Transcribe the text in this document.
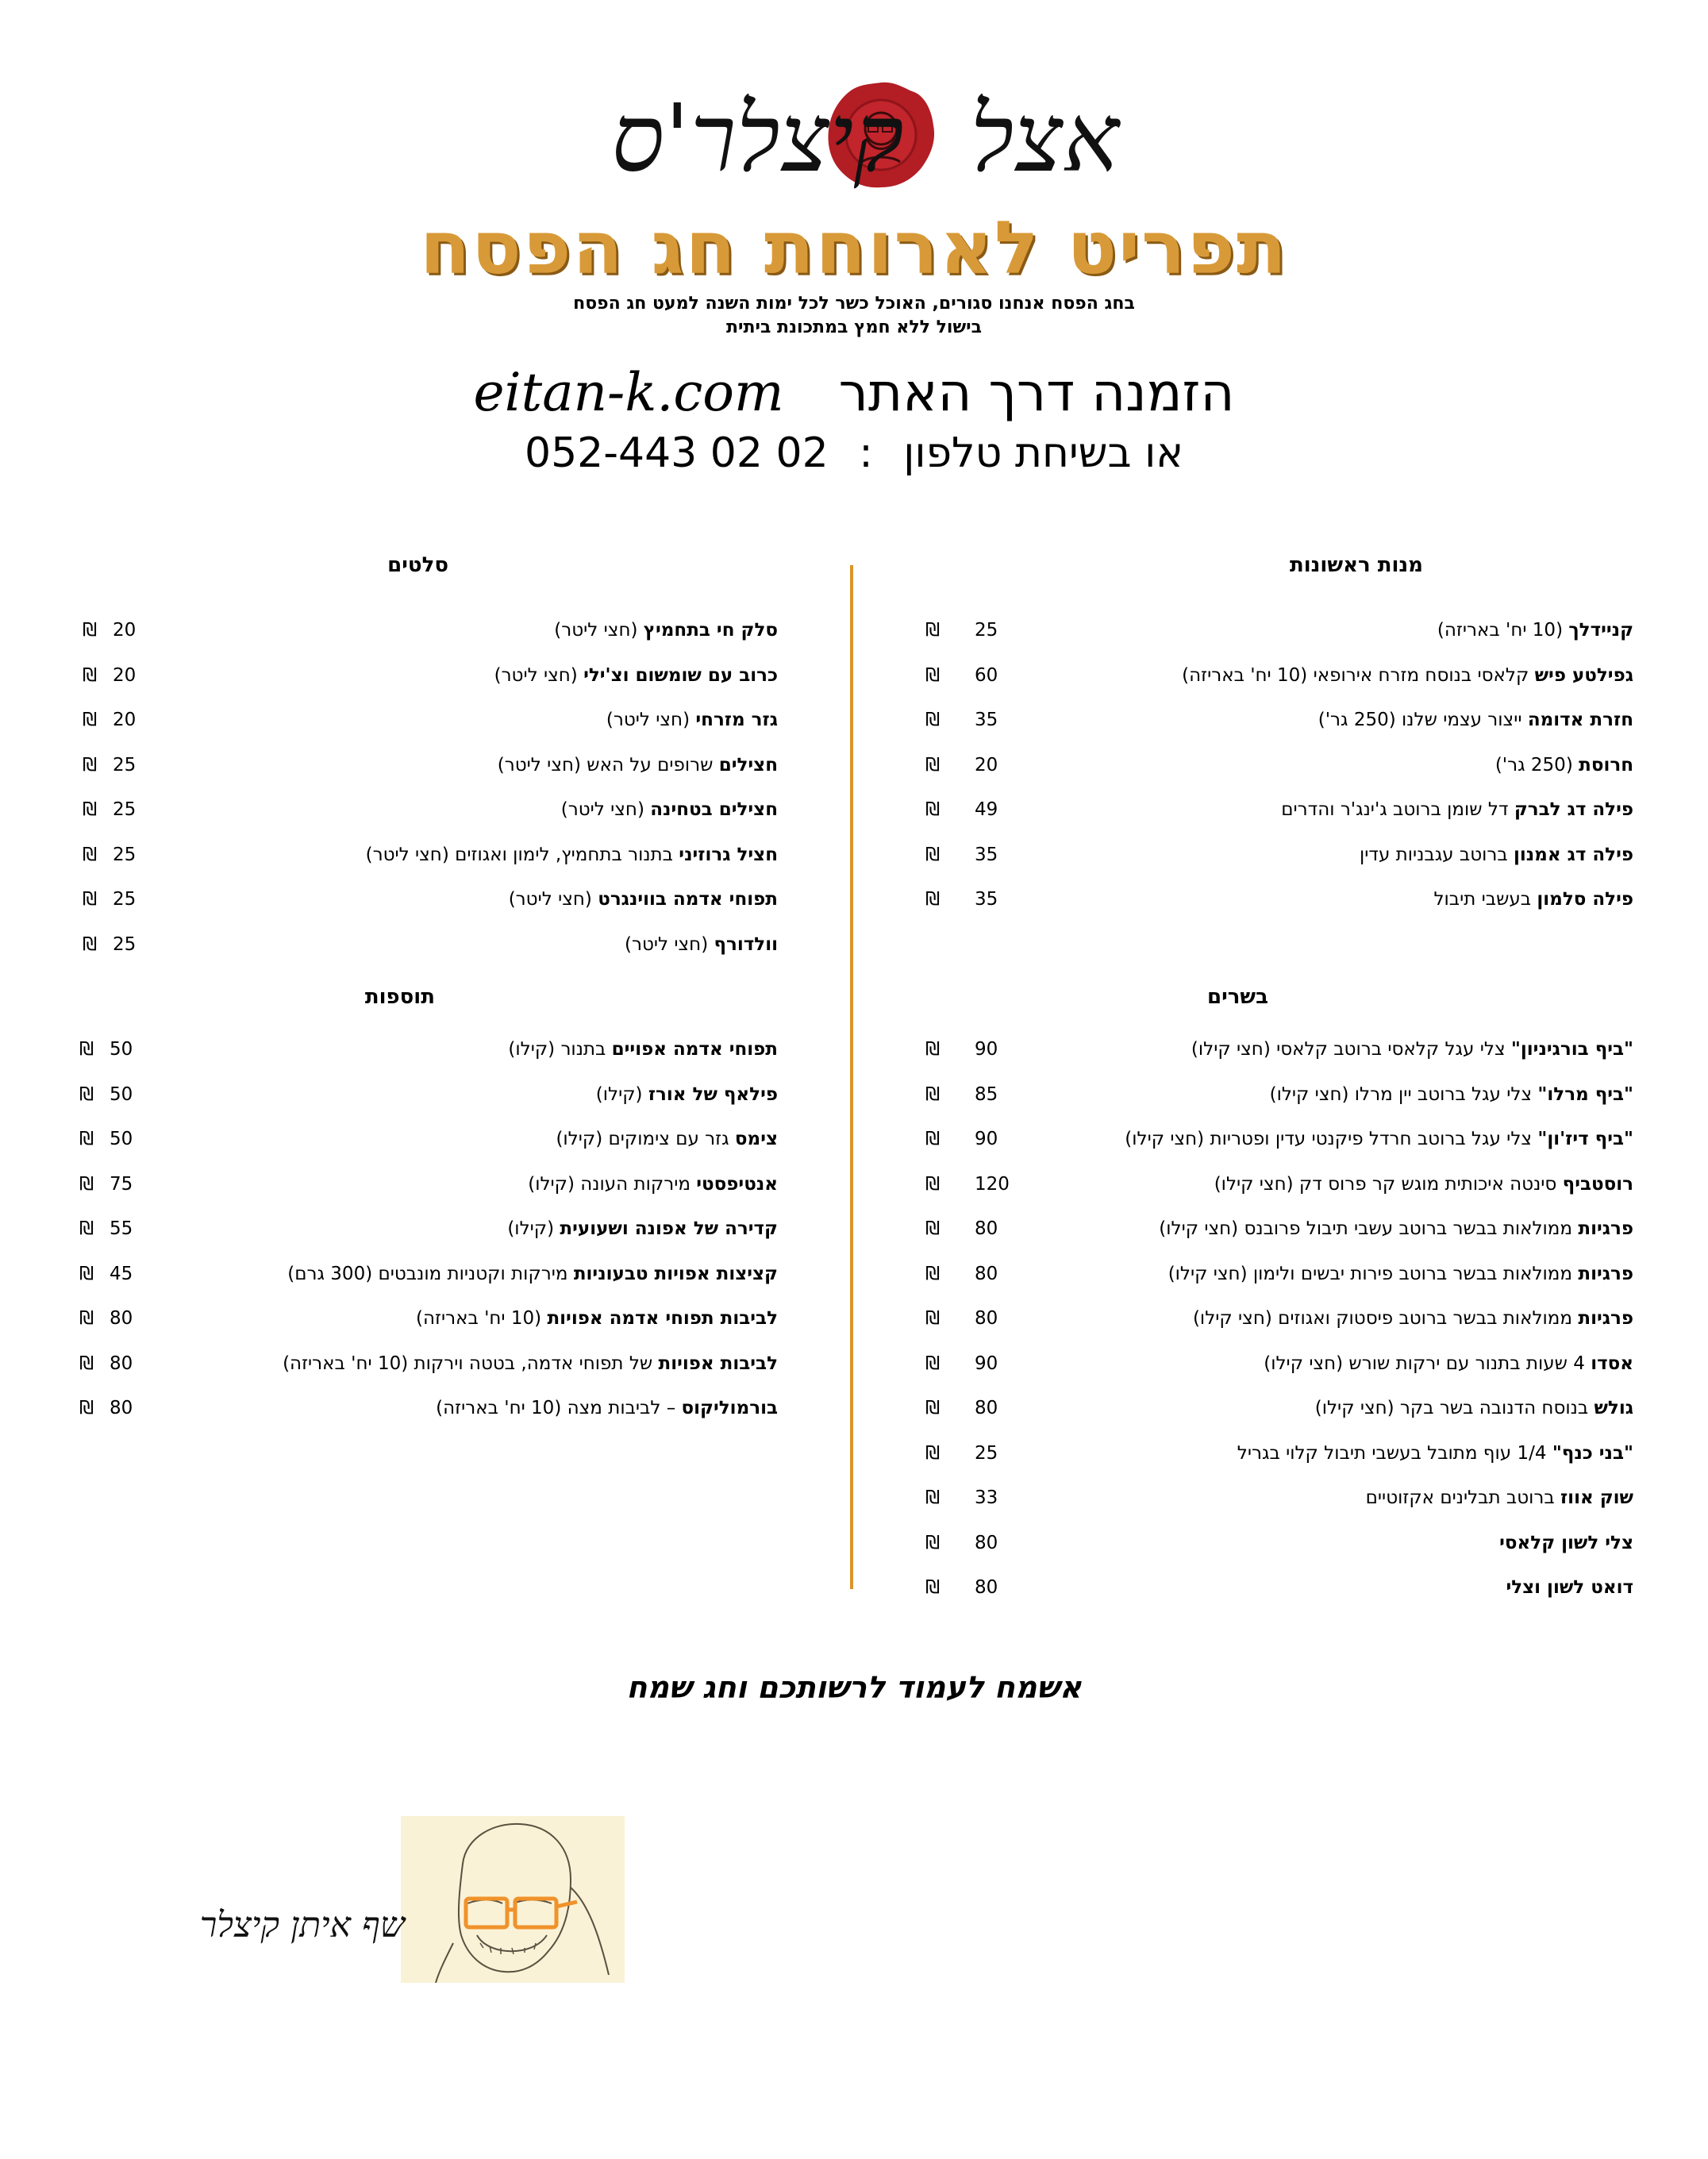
אצל
קיצלר'ס
תפריט לארוחת חג הפסח
בחג הפסח אנחנו סגורים, האוכל כשר לכל ימות השנה למעט חג הפסח
בישול ללא חמץ במתכונת ביתית
eitan-k.com הזמנה דרך האתר
052-443 02 02 : או בשיחת טלפון
מנות ראשונות
₪ 25	קניידלך (10 יח' באריזה)
₪ 60	גפילטע פיש קלאסי בנוסח מזרח אירופאי (10 יח' באריזה)
₪ 35	חזרת אדומה ייצור עצמי שלנו (250 גר')
₪ 20	חרוסת (250 גר')
₪ 49	פילה דג לברק דל שומן ברוטב ג'ינג'ר והדרים
₪ 35	פילה דג אמנון ברוטב עגבניות עדין
₪ 35	פילה סלמון בעשבי תיבול
בשרים
₪ 90	"ביף בורגיניון" צלי עגל קלאסי ברוטב קלאסי (חצי קילו)
₪ 85	"ביף מרלו" צלי עגל ברוטב יין מרלו (חצי קילו)
₪ 90	"ביף דיז'ון" צלי עגל ברוטב חרדל פיקנטי עדין ופטריות (חצי קילו)
₪ 120	רוסטביף סינטה איכותית מוגש קר פרוס דק (חצי קילו)
₪ 80	פרגיות ממולאות בבשר ברוטב עשבי תיבול פרובנס (חצי קילו)
₪ 80	פרגיות ממולאות בבשר ברוטב פירות יבשים ולימון (חצי קילו)
₪ 80	פרגיות ממולאות בבשר ברוטב פיסטוק ואגוזים (חצי קילו)
₪ 90	אסדו 4 שעות בתנור עם ירקות שורש (חצי קילו)
₪ 80	גולש בנוסח הדנובה בשר בקר (חצי קילו)
₪ 25	"בני כנף" 1/4 עוף מתובל בעשבי תיבול קלוי בגריל
₪ 33	שוק אווז ברוטב תבלינים אקזוטיים
₪ 80	צלי לשון קלאסי
₪ 80	דואט לשון וצלי
סלטים
₪ 20	סלק חי בתחמיץ (חצי ליטר)
₪ 20	כרוב עם שומשום וצ'ילי (חצי ליטר)
₪ 20	גזר מזרחי (חצי ליטר)
₪ 25	חצילים שרופים על האש (חצי ליטר)
₪ 25	חצילים בטחינה (חצי ליטר)
₪ 25	חציל גרוזיני בתנור בתחמיץ, לימון ואגוזים (חצי ליטר)
₪ 25	תפוחי אדמה בווינגרט (חצי ליטר)
₪ 25	וולדורף (חצי ליטר)
תוספות
₪ 50	תפוחי אדמה אפויים בתנור (קילו)
₪ 50	פילאף של אורז (קילו)
₪ 50	צימס גזר עם צימוקים (קילו)
₪ 75	אנטיפסטי מירקות העונה (קילו)
₪ 55	קדירה של אפונה ושעועית (קילו)
₪ 45	קציצות אפויות טבעוניות מירקות וקטניות מונבטים (300 גרם)
₪ 80	לביבות תפוחי אדמה אפויות (10 יח' באריזה)
₪ 80	לביבות אפויות של תפוחי אדמה, בטטה וירקות (10 יח' באריזה)
₪ 80	בורמוליקוס – לביבות מצה (10 יח' באריזה)
אשמח לעמוד לרשותכם וחג שמח
שף איתן קיצלר
